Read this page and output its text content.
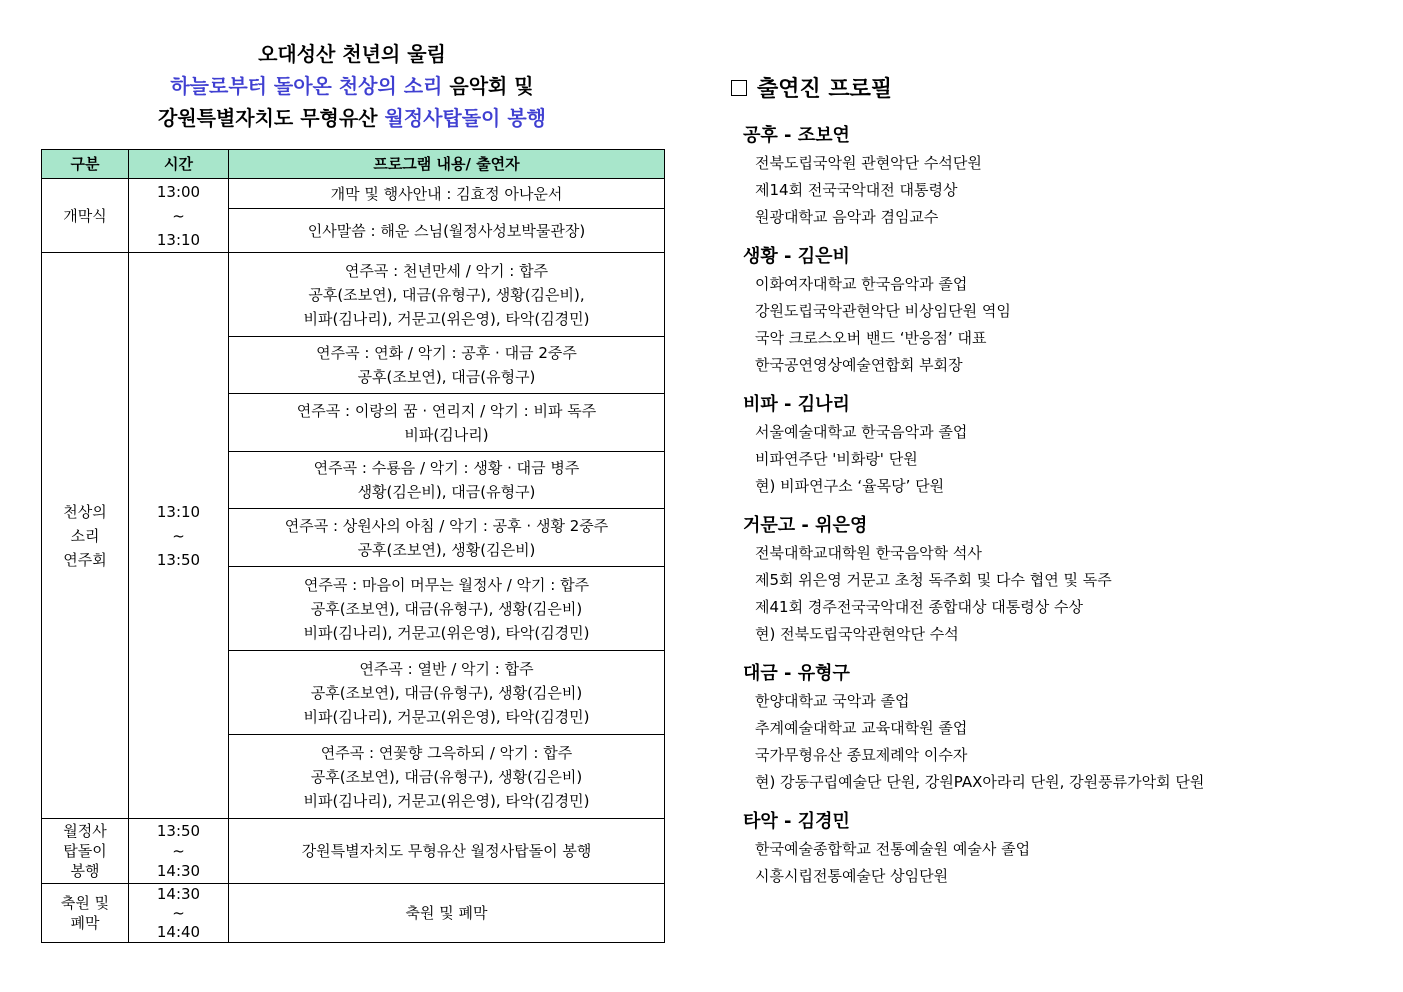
오대성산 천년의 울림
하늘로부터 돌아온 천상의 소리 음악회 및
강원특별자치도 무형유산 월정사탑돌이 봉행
구분	시간	프로그램 내용/ 출연자
개막식	13:00
~
13:10	개막 및 행사안내 : 김효정 아나운서
		인사말씀 : 해운 스님(월정사성보박물관장)

천상의
소리
연주회	13:10
~
13:50	연주곡 : 천년만세 / 악기 : 합주
공후(조보연), 대금(유형구), 생황(김은비),
비파(김나리), 거문고(위은영), 타악(김경민)

		연주곡 : 연화 / 악기 : 공후 · 대금 2중주
공후(조보연), 대금(유형구)

		연주곡 : 이랑의 꿈 · 연리지 / 악기 : 비파 독주
비파(김나리)

		연주곡 : 수룡음 / 악기 : 생황 · 대금 병주
생황(김은비), 대금(유형구)

		연주곡 : 상원사의 아침 / 악기 : 공후 · 생황 2중주
공후(조보연), 생황(김은비)

		연주곡 : 마음이 머무는 월정사 / 악기 : 합주
공후(조보연), 대금(유형구), 생황(김은비)
비파(김나리), 거문고(위은영), 타악(김경민)

		연주곡 : 열반 / 악기 : 합주
공후(조보연), 대금(유형구), 생황(김은비)
비파(김나리), 거문고(위은영), 타악(김경민)

		연주곡 : 연꽃향 그윽하되 / 악기 : 합주
공후(조보연), 대금(유형구), 생황(김은비)
비파(김나리), 거문고(위은영), 타악(김경민)

월정사
탑돌이
봉행	13:50
~
14:30	강원특별자치도 무형유산 월정사탑돌이 봉행

축원 및
폐막	14:30
~
14:40	축원 및 폐막
출연진 프로필
공후 - 조보연
전북도립국악원 관현악단 수석단원
제14회 전국국악대전 대통령상
원광대학교 음악과 겸임교수
생황 - 김은비
이화여자대학교 한국음악과 졸업
강원도립국악관현악단 비상임단원 역임
국악 크로스오버 밴드 ‘반응점’ 대표
한국공연영상예술연합회 부회장
비파 - 김나리
서울예술대학교 한국음악과 졸업
비파연주단 '비화랑' 단원
현) 비파연구소 ‘율목당’ 단원
거문고 - 위은영
전북대학교대학원 한국음악학 석사
제5회 위은영 거문고 초청 독주회 및 다수 협연 및 독주
제41회 경주전국국악대전 종합대상 대통령상 수상
현) 전북도립국악관현악단 수석
대금 - 유형구
한양대학교 국악과 졸업
추계예술대학교 교육대학원 졸업
국가무형유산 종묘제례악 이수자
현) 강동구립예술단 단원, 강원PAX아라리 단원, 강원풍류가악회 단원
타악 - 김경민
한국예술종합학교 전통예술원 예술사 졸업
시흥시립전통예술단 상임단원
